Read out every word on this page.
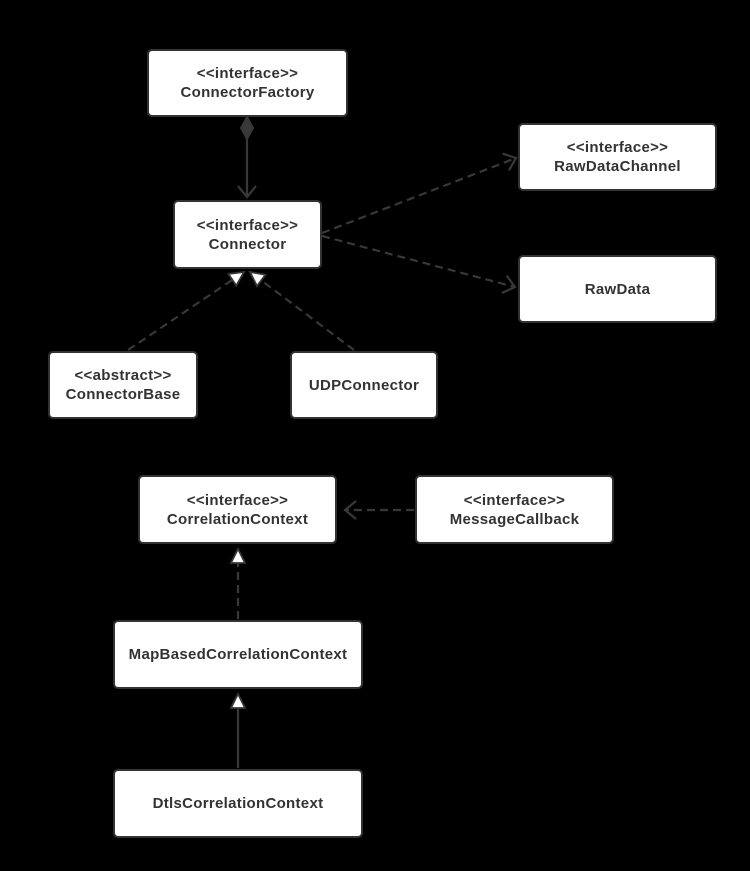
<<interface>>
ConnectorFactory
<<interface>>
Connector
<<interface>>
RawDataChannel
RawData
<<abstract>>
ConnectorBase
UDPConnector
<<interface>>
CorrelationContext
<<interface>>
MessageCallback
MapBasedCorrelationContext
DtlsCorrelationContext
